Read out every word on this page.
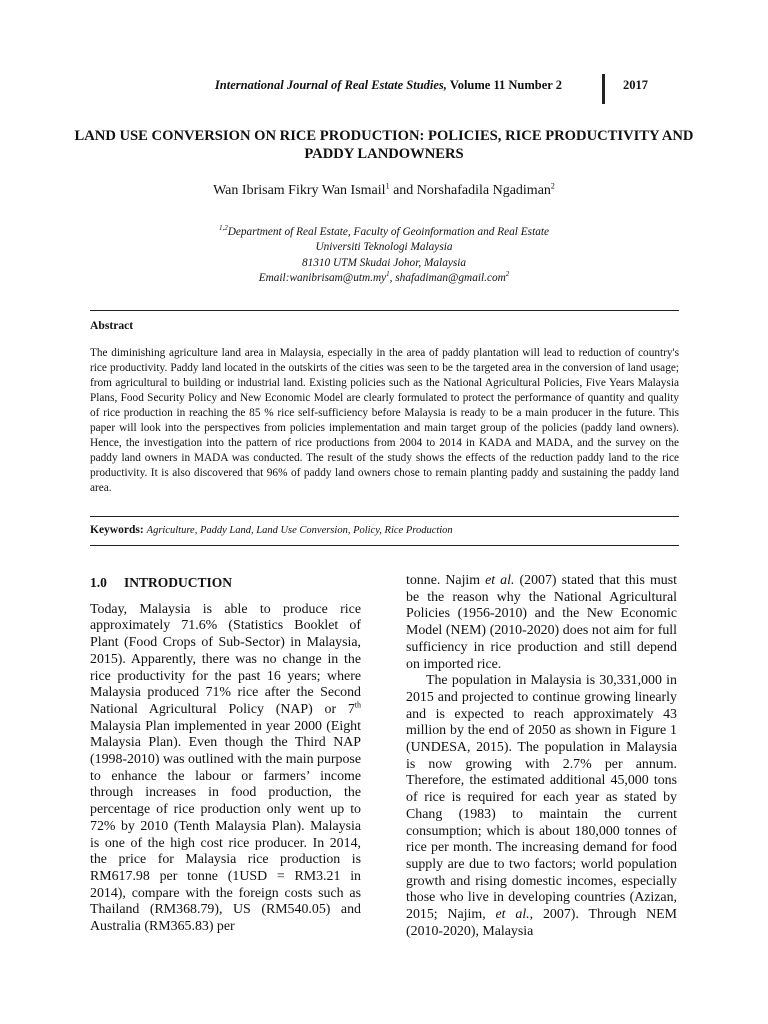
International Journal of Real Estate Studies, Volume 11 Number 2	2017
LAND USE CONVERSION ON RICE PRODUCTION: POLICIES, RICE PRODUCTIVITY AND PADDY LANDOWNERS
Wan Ibrisam Fikry Wan Ismail$^1$ and Norshafadila Ngadiman$^2$
$^{1,2}$Department of Real Estate, Faculty of Geoinformation and Real Estate
Universiti Teknologi Malaysia
81310 UTM Skudai Johor, Malaysia
$Email:wanibrisam@utm.my^1$, shafadiman@gmail.com$^2$
Abstract
The diminishing agriculture land area in Malaysia, especially in the area of paddy plantation will lead to reduction of country's rice productivity. Paddy land located in the outskirts of the cities was seen to be the targeted area in the conversion of land usage; from agricultural to building or industrial land. Existing policies such as the National Agricultural Policies, Five Years Malaysia Plans, Food Security Policy and New Economic Model are clearly formulated to protect the performance of quantity and quality of rice production in reaching the 85 % rice self-sufficiency before Malaysia is ready to be a main producer in the future. This paper will look into the perspectives from policies implementation and main target group of the policies (paddy land owners). Hence, the investigation into the pattern of rice productions from 2004 to 2014 in KADA and MADA, and the survey on the paddy land owners in MADA was conducted. The result of the study shows the effects of the reduction paddy land to the rice productivity. It is also discovered that 96% of paddy land owners chose to remain planting paddy and sustaining the paddy land area.
Keywords: Agriculture, Paddy Land, Land Use Conversion, Policy, Rice Production
1.0 INTRODUCTION

Today, Malaysia is able to produce rice approximately 71.6% (Statistics Booklet of Plant (Food Crops of Sub-Sector) in Malaysia, 2015). Apparently, there was no change in the rice productivity for the past 16 years; where Malaysia produced 71% rice after the Second National Agricultural Policy (NAP) or 7th Malaysia Plan implemented in year 2000 (Eight Malaysia Plan). Even though the Third NAP (1998-2010) was outlined with the main purpose to enhance the labour or farmers’ income through increases in food production, the percentage of rice production only went up to 72% by 2010 (Tenth Malaysia Plan). Malaysia is one of the high cost rice producer. In 2014, the price for Malaysia rice production is RM617.98 per tonne (1USD = RM3.21 in 2014), compare with the foreign costs such as Thailand (RM368.79), US (RM540.05) and Australia (RM365.83) per

tonne. Najim et al. (2007) stated that this must be the reason why the National Agricultural Policies (1956-2010) and the New Economic Model (NEM) (2010-2020) does not aim for full sufficiency in rice production and still depend on imported rice.

The population in Malaysia is 30,331,000 in 2015 and projected to continue growing linearly and is expected to reach approximately 43 million by the end of 2050 as shown in Figure 1 (UNDESA, 2015). The population in Malaysia is now growing with 2.7% per annum. Therefore, the estimated additional 45,000 tons of rice is required for each year as stated by Chang (1983) to maintain the current consumption; which is about 180,000 tonnes of rice per month. The increasing demand for food supply are due to two factors; world population growth and rising domestic incomes, especially those who live in developing countries (Azizan, 2015; Najim, et al., 2007). Through NEM (2010-2020), Malaysia
